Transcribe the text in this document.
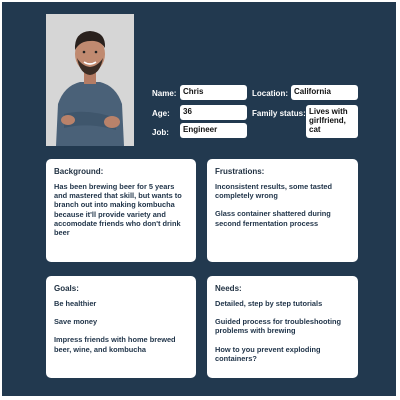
Name: Chris
Age:	36
Job:	Engineer
Location: California
Family status: Lives with girlfriend, cat
Background:
Has been brewing beer for 5 years and mastered that skill, but wants to branch out into making kombucha because it'll provide variety and accomodate friends who don't drink beer
Frustrations:
Inconsistent results, some tasted completely wrong
Glass container shattered during second fermentation process
Goals:
Be healthier
Save money
Impress friends with home brewed beer, wine, and kombucha
Needs:
Detailed, step by step tutorials
Guided process for troubleshooting problems with brewing
How to you prevent exploding containers?
